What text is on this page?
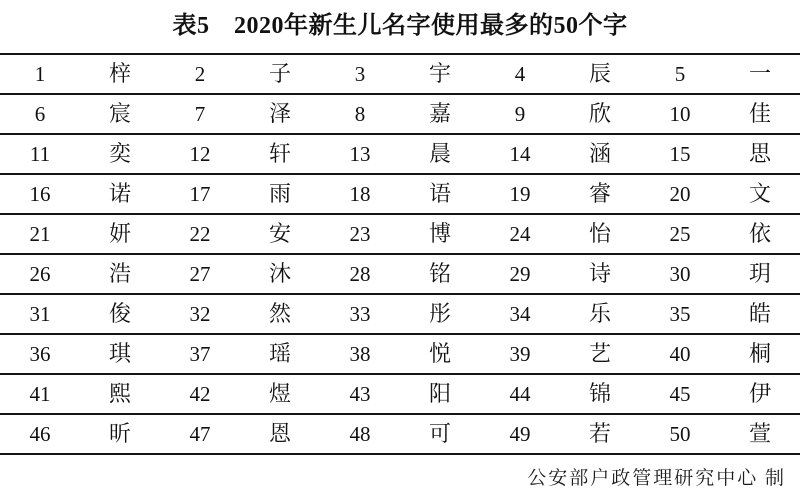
表5　2020年新生儿名字使用最多的50个字
1	梓	2	子	3	宇	4	辰	5	一
6	宸	7	泽	8	嘉	9	欣	10	佳
11	奕	12	轩	13	晨	14	涵	15	思
16	诺	17	雨	18	语	19	睿	20	文
21	妍	22	安	23	博	24	怡	25	依
26	浩	27	沐	28	铭	29	诗	30	玥
31	俊	32	然	33	彤	34	乐	35	皓
36	琪	37	瑶	38	悦	39	艺	40	桐
41	熙	42	煜	43	阳	44	锦	45	伊
46	昕	47	恩	48	可	49	若	50	萱
公安部户政管理研究中心 制
